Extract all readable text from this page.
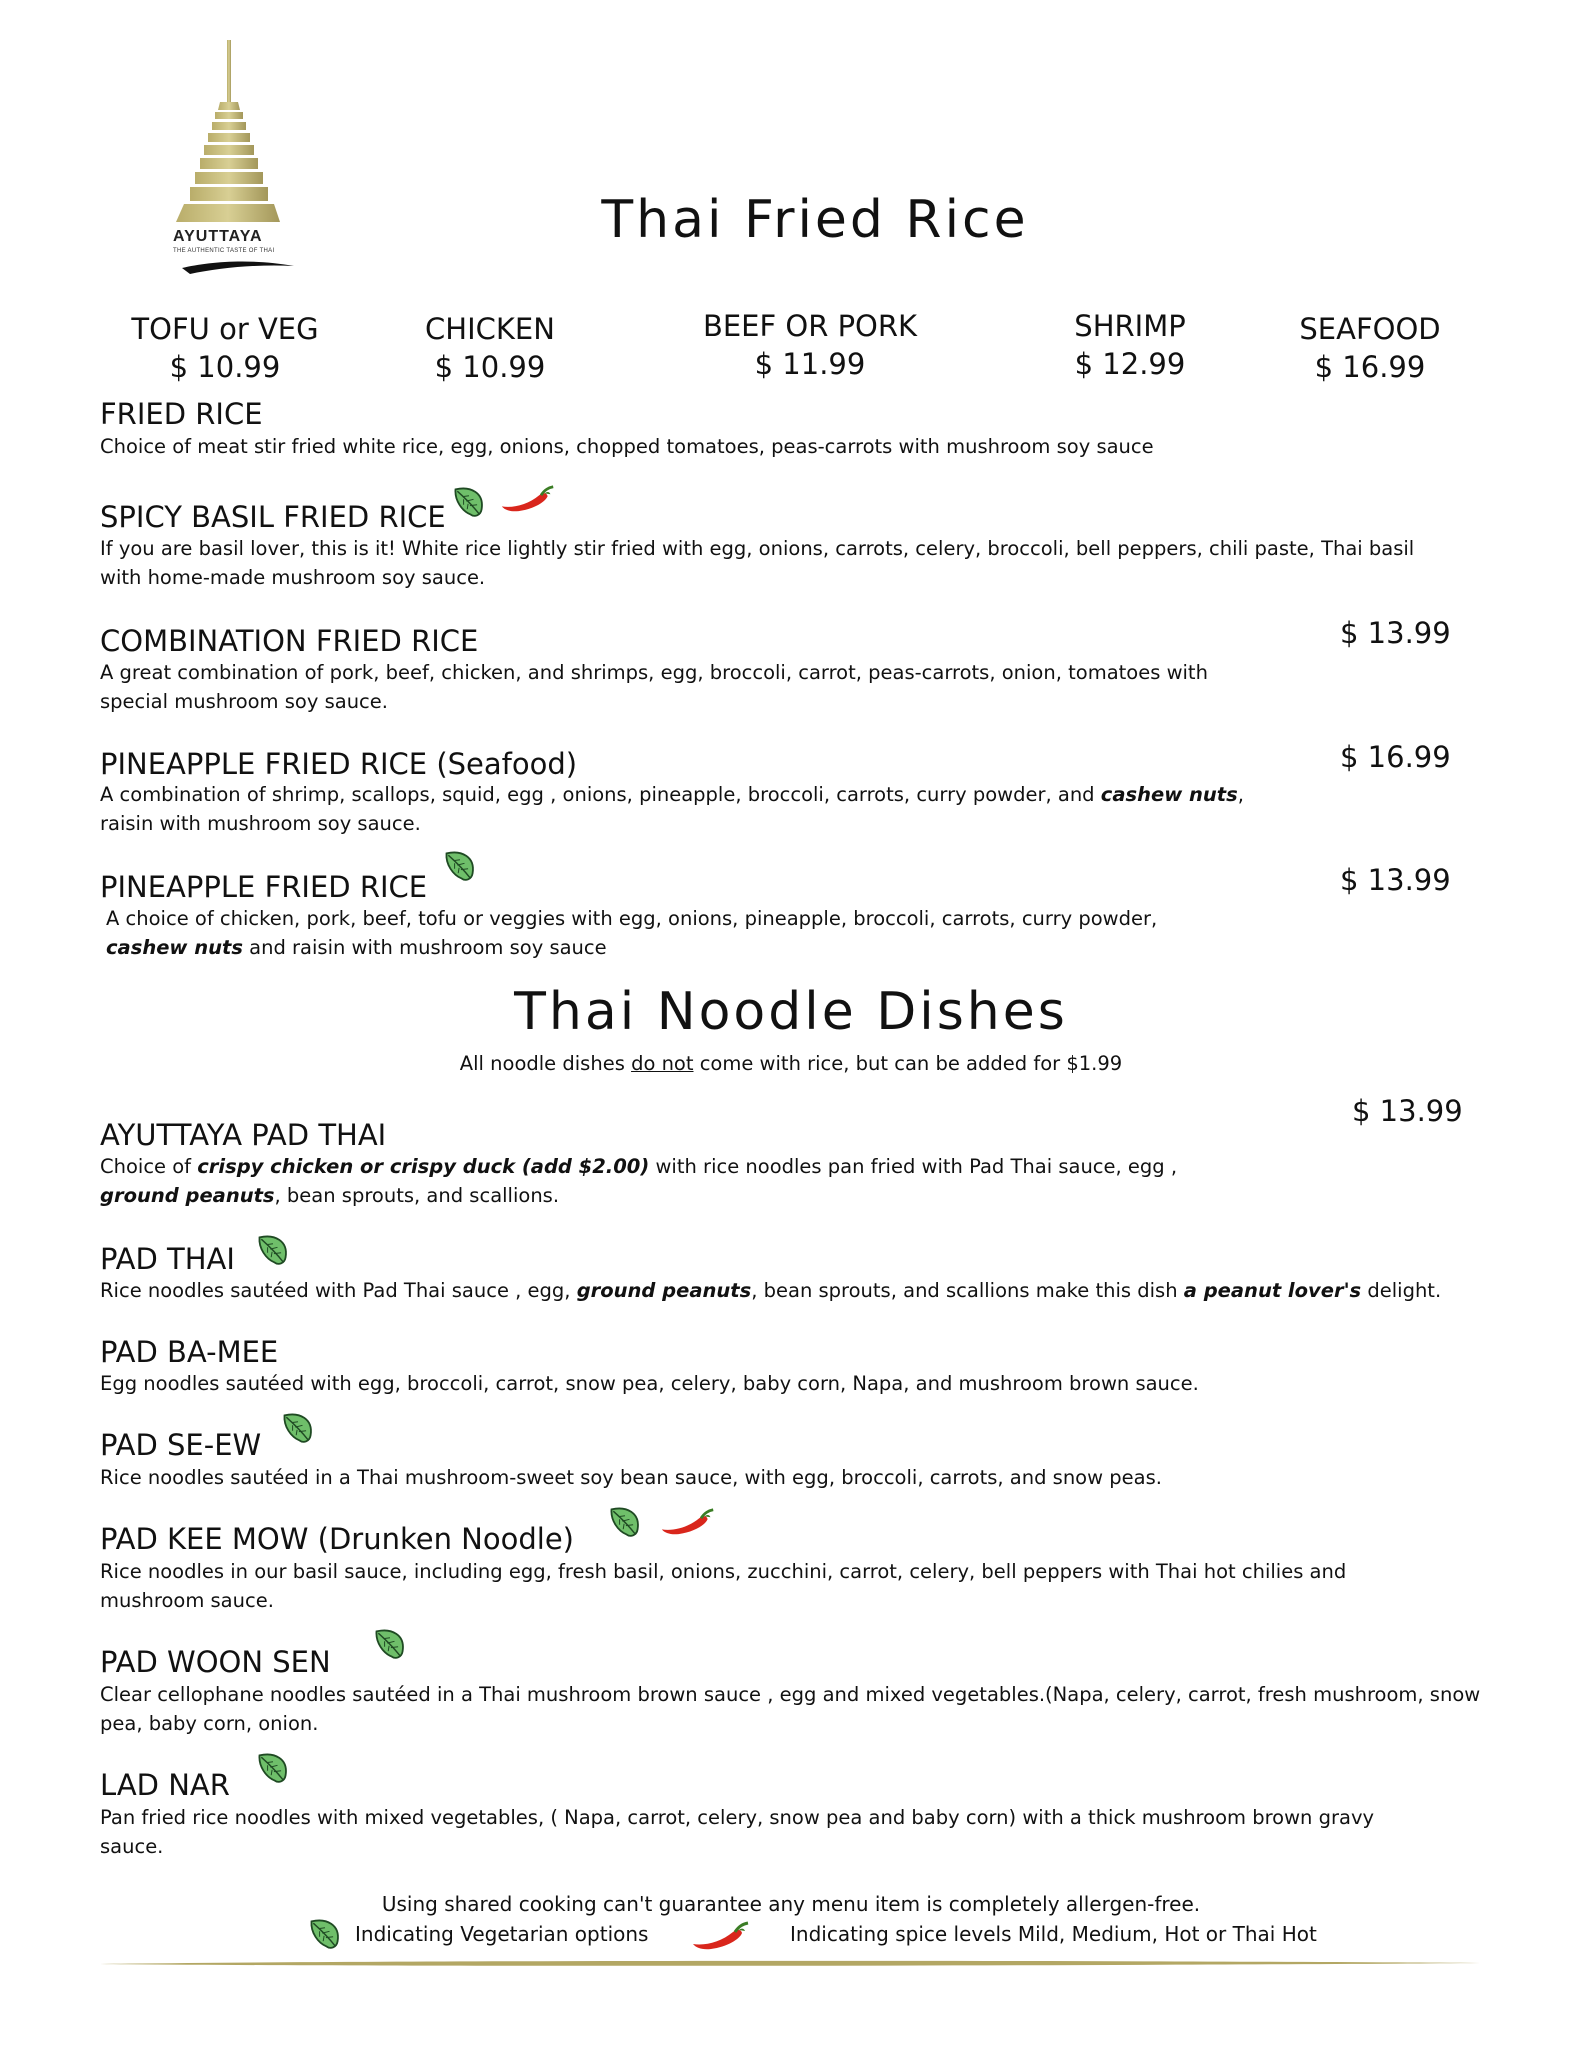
AYUTTAYA
THE AUTHENTIC TASTE OF THAI
Thai Fried Rice
TOFU or VEG
$ 10.99
CHICKEN
$ 10.99
BEEF OR PORK
$ 11.99
SHRIMP
$ 12.99
SEAFOOD
$ 16.99
FRIED RICE
Choice of meat stir fried white rice, egg, onions, chopped tomatoes, peas-carrots with mushroom soy sauce
SPICY BASIL FRIED RICE
If you are basil lover, this is it! White rice lightly stir fried with egg, onions, carrots, celery, broccoli, bell peppers, chili paste, Thai basil with home-made mushroom soy sauce.
COMBINATION FRIED RICE	$ 13.99
A great combination of pork, beef, chicken, and shrimps, egg, broccoli, carrot, peas-carrots, onion, tomatoes with special mushroom soy sauce.
PINEAPPLE FRIED RICE (Seafood)	$ 16.99
A combination of shrimp, scallops, squid, egg , onions, pineapple, broccoli, carrots, curry powder, and cashew nuts, raisin with mushroom soy sauce.
PINEAPPLE FRIED RICE	$ 13.99
A choice of chicken, pork, beef, tofu or veggies with egg, onions, pineapple, broccoli, carrots, curry powder,
cashew nuts and raisin with mushroom soy sauce
Thai Noodle Dishes
All noodle dishes do not come with rice, but can be added for $1.99
AYUTTAYA PAD THAI
$ 13.99
Choice of crispy chicken or crispy duck (add $2.00) with rice noodles pan fried with Pad Thai sauce, egg ,
ground peanuts, bean sprouts, and scallions.
PAD THAI
Rice noodles sautéed with Pad Thai sauce , egg, ground peanuts, bean sprouts, and scallions make this dish a peanut lover's delight.
PAD BA-MEE
Egg noodles sautéed with egg, broccoli, carrot, snow pea, celery, baby corn, Napa, and mushroom brown sauce.
PAD SE-EW
Rice noodles sautéed in a Thai mushroom-sweet soy bean sauce, with egg, broccoli, carrots, and snow peas.
PAD KEE MOW (Drunken Noodle)
Rice noodles in our basil sauce, including egg, fresh basil, onions, zucchini, carrot, celery, bell peppers with Thai hot chilies and mushroom sauce.
PAD WOON SEN
Clear cellophane noodles sautéed in a Thai mushroom brown sauce , egg and mixed vegetables.(Napa, celery, carrot, fresh mushroom, snow pea, baby corn, onion.
LAD NAR
Pan fried rice noodles with mixed vegetables, ( Napa, carrot, celery, snow pea and baby corn) with a thick mushroom brown gravy sauce.
Using shared cooking can't guarantee any menu item is completely allergen-free.
Indicating Vegetarian options	Indicating spice levels Mild, Medium, Hot or Thai Hot
